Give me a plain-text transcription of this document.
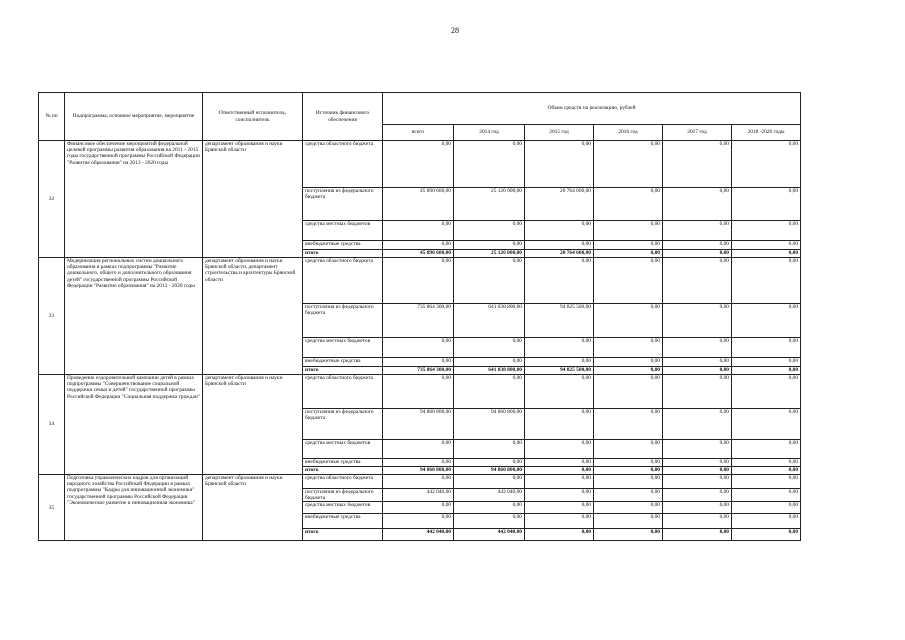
28
№ пп	Подпрограмма, основное мероприятие, мероприятие	Ответственный исполнитель, соисполнитель	Источник финансового обеспечения	Объем средств на реализацию, рублей					
				всего	2014 год	2015 год	2016 год	2017 год	2018 -2020 годы
32	Финансовое обеспечение мероприятий федеральной целевой программы развития образования на 2011 - 2015 годы государственной программы Российской Федерации "Развитие образования" на 2013 - 2020 годы	департамент образования и науки Брянской области	средства областного бюджета	0,00	0,00	0,00	0,00	0,00	0,00
			поступления из федерального бюджета	45 890 600,00	25 126 000,00	20 764 600,00	0,00	0,00	0,00
			средства местных бюджетов	0,00	0,00	0,00	0,00	0,00	0,00
			внебюджетные средства	0,00	0,00	0,00	0,00	0,00	0,00
			итого	45 890 600,00	25 126 000,00	20 764 600,00	0,00	0,00	0,00
33	Модернизация региональных систем дошкольного образования в рамках подпрограммы "Развитие дошкольного, общего и дополнительного образования детей" государственной программы Российской Федерации "Развитие образования" на 2013 - 2020 годы	департамент образования и науки Брянской области, департамент строительства и архитектуры Брянской области	средства областного бюджета	0,00	0,00	0,00	0,00	0,00	0,00
			поступления из федерального бюджета	735 864 300,00	641 038 800,00	94 825 500,00	0,00	0,00	0,00
			средства местных бюджетов	0,00	0,00	0,00	0,00	0,00	0,00
			внебюджетные средства	0,00	0,00	0,00	0,00	0,00	0,00
			итого	735 864 300,00	641 038 800,00	94 825 500,00	0,00	0,00	0,00
34	Проведение оздоровительной кампании детей в рамках подпрограммы "Совершенствование социальной поддержки семьи и детей" государственной программы Российской Федерации "Социальная поддержка граждан"	департамент образования и науки Брянской области	средства областного бюджета	0,00	0,00	0,00	0,00	0,00	0,00
			поступления из федерального бюджета	94 860 800,00	94 860 800,00	0,00	0,00	0,00	0,00
			средства местных бюджетов	0,00	0,00	0,00	0,00	0,00	0,00
			внебюджетные средства	0,00	0,00	0,00	0,00	0,00	0,00
			итого	94 860 800,00	94 860 800,00	0,00	0,00	0,00	0,00
35	Подготовка управленческих кадров для организаций народного хозяйства Российской Федерации в рамках подпрограммы "Кадры для инновационной экономики" государственной программы Российской Федерации "Экономическое развитие и инновационная экономика"	департамент образования и науки Брянской области	средства областного бюджета	0,00	0,00	0,00	0,00	0,00	0,00
			поступления из федерального бюджета	442 040,00	442 040,00	0,00	0,00	0,00	0,00
			средства местных бюджетов	0,00	0,00	0,00	0,00	0,00	0,00
			внебюджетные средства	0,00	0,00	0,00	0,00	0,00	0,00
			итого	442 040,00	442 040,00	0,00	0,00	0,00	0,00
